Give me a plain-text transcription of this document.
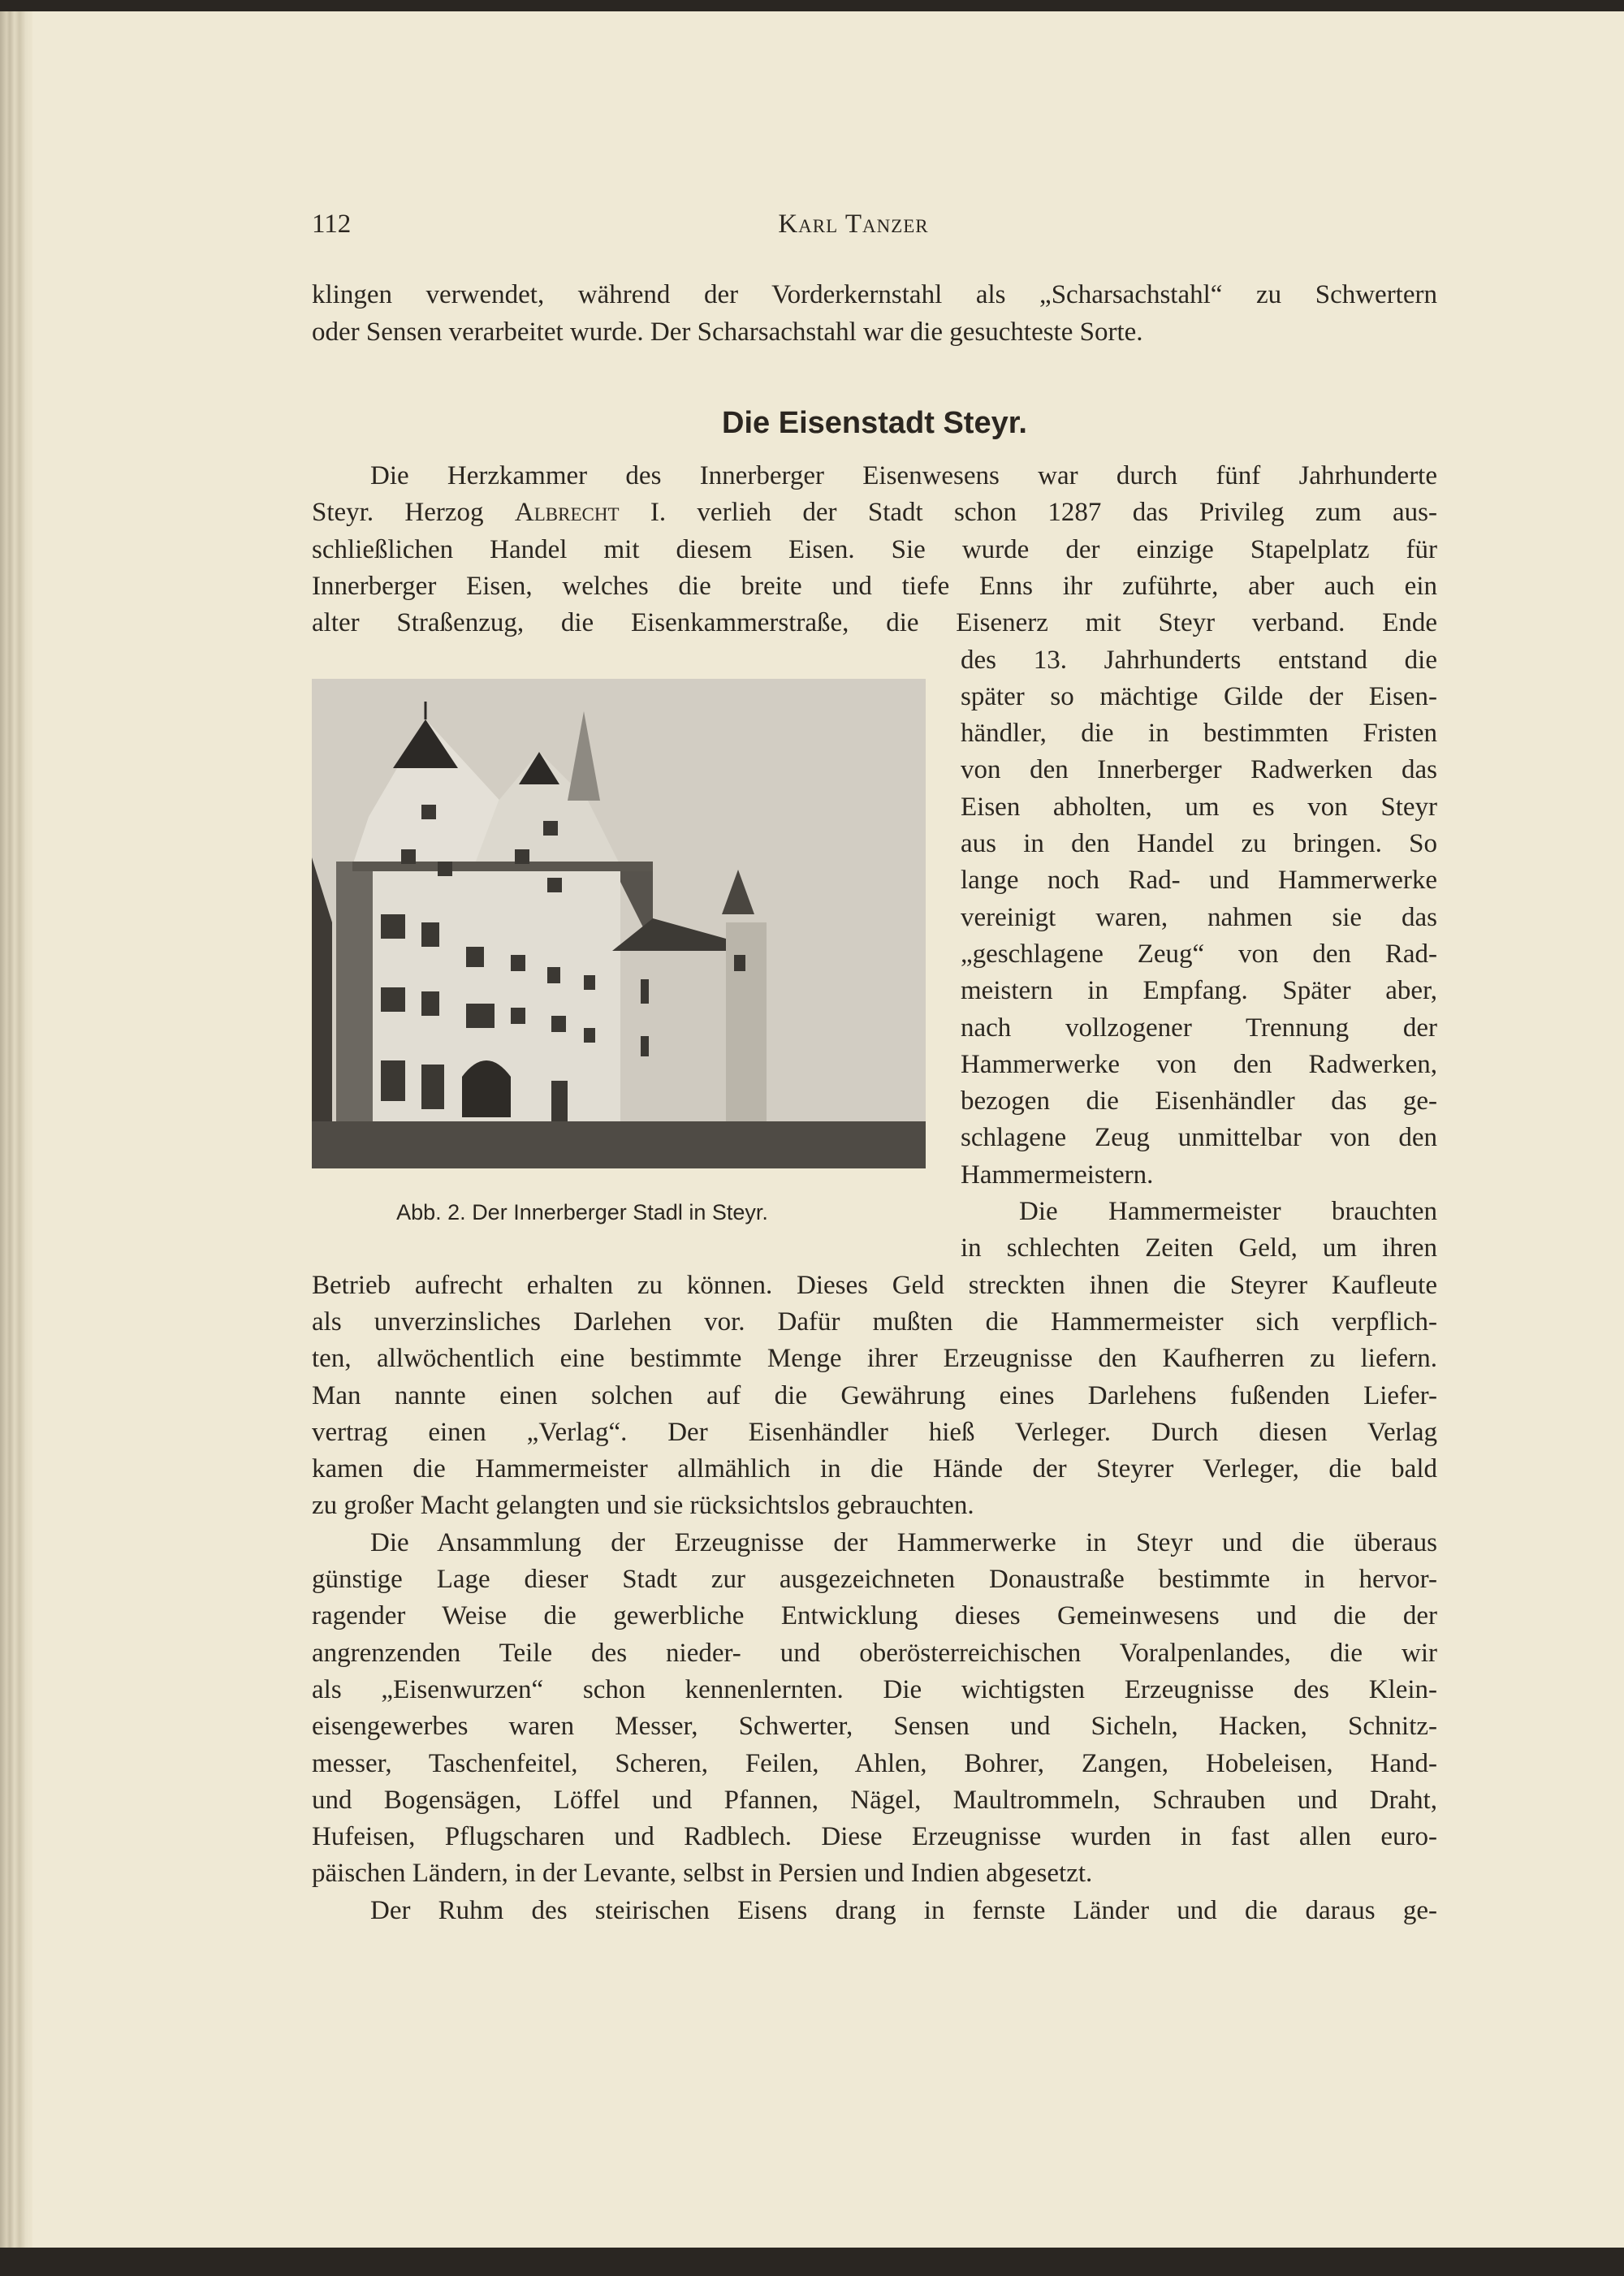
112	Karl Tanzer
klingen verwendet, während der Vorderkernstahl als „Scharsachstahl“ zu Schwertern
oder Sensen verarbeitet wurde. Der Scharsachstahl war die gesuchteste Sorte.
Die Eisenstadt Steyr.
Abb. 2. Der Innerberger Stadl in Steyr.
Die Herzkammer des Innerberger Eisenwesens war durch fünf Jahrhunderte
Steyr. Herzog Albrecht I. verlieh der Stadt schon 1287 das Privileg zum aus-
schließlichen Handel mit diesem Eisen. Sie wurde der einzige Stapelplatz für
Innerberger Eisen, welches die breite und tiefe Enns ihr zuführte, aber auch ein
alter Straßenzug, die Eisenkammerstraße, die Eisenerz mit Steyr verband. Ende
des 13. Jahrhunderts entstand die
später so mächtige Gilde der Eisen-
händler, die in bestimmten Fristen
von den Innerberger Radwerken das
Eisen abholten, um es von Steyr
aus in den Handel zu bringen. So
lange noch Rad- und Hammerwerke
vereinigt waren, nahmen sie das
„geschlagene Zeug“ von den Rad-
meistern in Empfang. Später aber,
nach vollzogener Trennung der
Hammerwerke von den Radwerken,
bezogen die Eisenhändler das ge-
schlagene Zeug unmittelbar von den
Hammermeistern.
Die Hammermeister brauchten
in schlechten Zeiten Geld, um ihren
Betrieb aufrecht erhalten zu können. Dieses Geld streckten ihnen die Steyrer Kaufleute
als unverzinsliches Darlehen vor. Dafür mußten die Hammermeister sich verpflich-
ten, allwöchentlich eine bestimmte Menge ihrer Erzeugnisse den Kaufherren zu liefern.
Man nannte einen solchen auf die Gewährung eines Darlehens fußenden Liefer-
vertrag einen „Verlag“. Der Eisenhändler hieß Verleger. Durch diesen Verlag
kamen die Hammermeister allmählich in die Hände der Steyrer Verleger, die bald
zu großer Macht gelangten und sie rücksichtslos gebrauchten.
Die Ansammlung der Erzeugnisse der Hammerwerke in Steyr und die überaus
günstige Lage dieser Stadt zur ausgezeichneten Donaustraße bestimmte in hervor-
ragender Weise die gewerbliche Entwicklung dieses Gemeinwesens und die der
angrenzenden Teile des nieder- und oberösterreichischen Voralpenlandes, die wir
als „Eisenwurzen“ schon kennenlernten. Die wichtigsten Erzeugnisse des Klein-
eisengewerbes waren Messer, Schwerter, Sensen und Sicheln, Hacken, Schnitz-
messer, Taschenfeitel, Scheren, Feilen, Ahlen, Bohrer, Zangen, Hobeleisen, Hand-
und Bogensägen, Löffel und Pfannen, Nägel, Maultrommeln, Schrauben und Draht,
Hufeisen, Pflugscharen und Radblech. Diese Erzeugnisse wurden in fast allen euro-
päischen Ländern, in der Levante, selbst in Persien und Indien abgesetzt.
Der Ruhm des steirischen Eisens drang in fernste Länder und die daraus ge-
